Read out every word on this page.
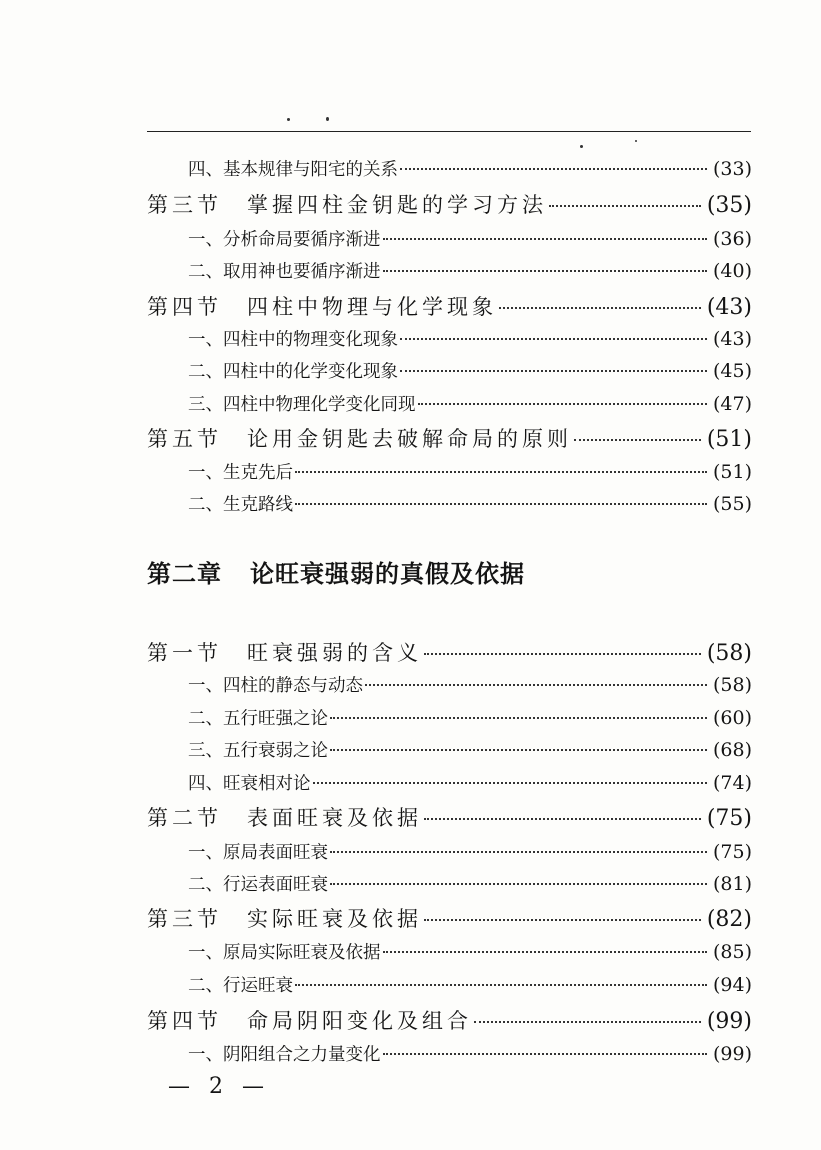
四、基本规律与阳宅的关系	(33)
第三节　掌握四柱金钥匙的学习方法	(35)
一、分析命局要循序渐进	(36)
二、取用神也要循序渐进	(40)
第四节　四柱中物理与化学现象	(43)
一、四柱中的物理变化现象	(43)
二、四柱中的化学变化现象	(45)
三、四柱中物理化学变化同现	(47)
第五节　论用金钥匙去破解命局的原则	(51)
一、生克先后	(51)
二、生克路线	(55)
第二章 论旺衰强弱的真假及依据
第一节　旺衰强弱的含义	(58)
一、四柱的静态与动态	(58)
二、五行旺强之论	(60)
三、五行衰弱之论	(68)
四、旺衰相对论	(74)
第二节　表面旺衰及依据	(75)
一、原局表面旺衰	(75)
二、行运表面旺衰	(81)
第三节　实际旺衰及依据	(82)
一、原局实际旺衰及依据	(85)
二、行运旺衰	(94)
第四节　命局阴阳变化及组合	(99)
一、阴阳组合之力量变化	(99)
— 2 —
